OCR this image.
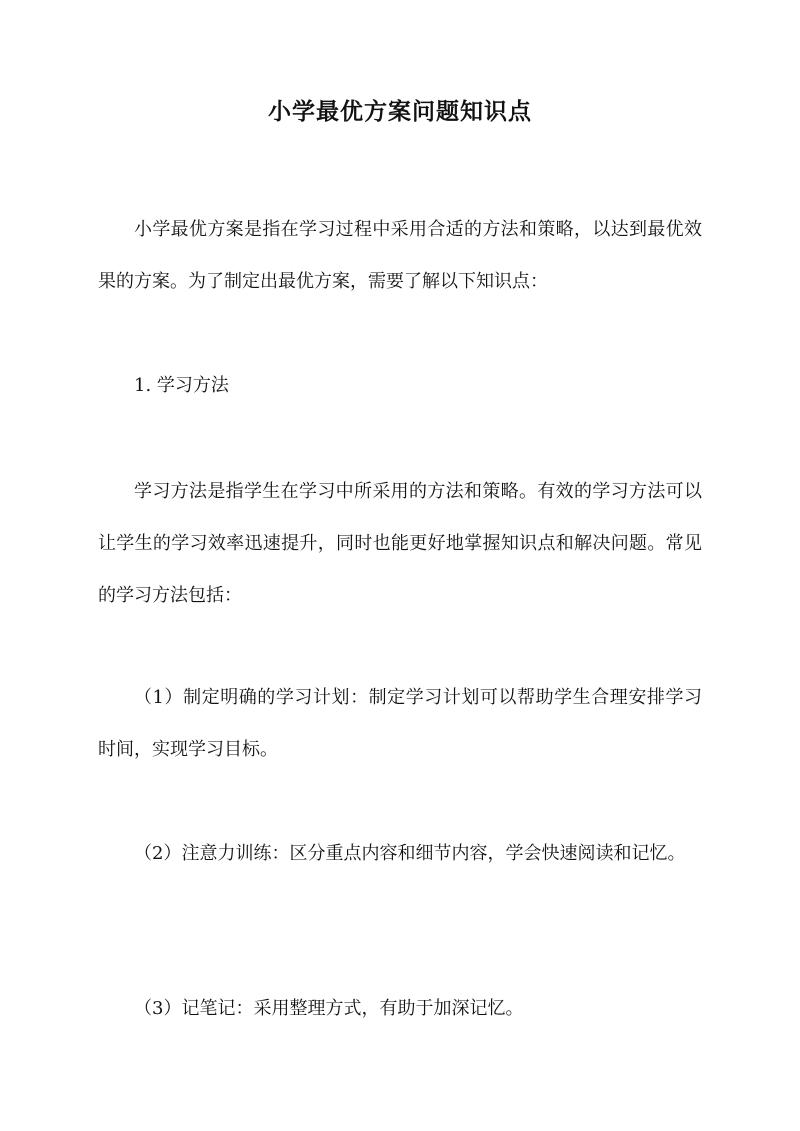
小学最优方案问题知识点

小学最优方案是指在学习过程中采用合适的方法和策略，以达到最优效果的方案。为了制定出最优方案，需要了解以下知识点：

1. 学习方法

学习方法是指学生在学习中所采用的方法和策略。有效的学习方法可以让学生的学习效率迅速提升，同时也能更好地掌握知识点和解决问题。常见的学习方法包括：

（1）制定明确的学习计划：制定学习计划可以帮助学生合理安排学习时间，实现学习目标。

（2）注意力训练：区分重点内容和细节内容，学会快速阅读和记忆。

（3）记笔记：采用整理方式，有助于加深记忆。
